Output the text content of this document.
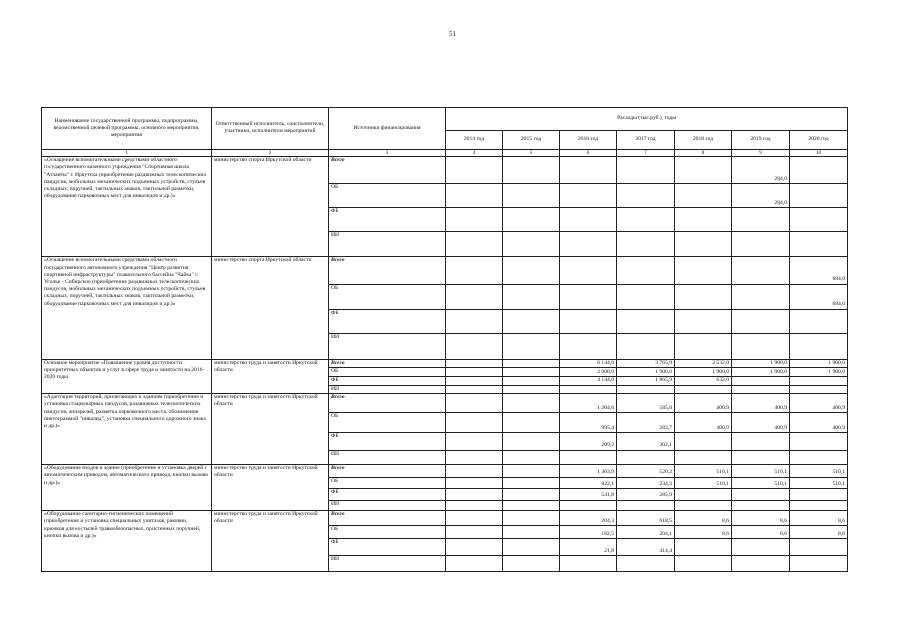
51
Наименование государственной программы, подпрограммы, ведомственной целевой программы, основного мероприятия, мероприятия	Ответственный исполнитель, соисполнители, участники, исполнители мероприятий	Источники финансирования	Расходы (тыс.руб.), годы						
			2014 год	2015 год	2016 год	2017 год	2018 год	2019 год	2020 год
1	2	3	4	5	6	7	8	9	10
«Оснащение вспомогательными средствами областного государственного казенного учреждения "Спортивная школа "Атланты" г. Иркутска (приобретение раздвижных телескопических пандусов, мобильных механических подъемных устройств, стульев складных, поручней, тактильных знаков, тактильной разметки, оборудование парковочных мест для инвалидов и др.)»	министерство спорта Иркутской области	Всего						284,0	
		ОБ						284,0	
		ФБ							
		ИИ							
«Оснащение вспомогательными средствами областного государственного автономного учреждения "Центр развития спортивной инфраструктуры" плавательного бассейна "Чайка" г. Усолье - Сибирское (приобретение раздвижных телескопических пандусов, мобильных механических подъемных устройств, стульев складных, поручней, тактильных знаков, тактильной разметки, оборудование парковочных мест для инвалидов и др.)»	министерство спорта Иркутской области	Всего							684,0
		ОБ							684,0
		ФБ							
		ИИ							
Основное мероприятие «Повышение уровня доступности приоритетных объектов и услуг в сфере труда и занятости на 2016-2020 годы	министерство труда и занятости Иркутской области	Всего			6 144,0	3 765,9	2 532,0	1 900,0	1 900,0
		ОБ			2 000,0	1 900,0	1 900,0	1 900,0	1 900,0
		ФБ			4 144,0	1 865,9	632,0		
		ИИ							
«Адаптация территорий, прилегающих к зданиям (приобретение и установка стационарных пандусов, раздвижных телескопических пандусов, аппарелей, разметка парковочного места, обозначение пиктограммой "инвалид", установка специального дорожного знака и др.)»	министерство труда и занятости Иркутской области	Всего			1 204,6	585,8	400,9	400,9	400,9
		ОБ			995,4	283,7	400,9	400,9	400,9
		ФБ			209,2	302,1			
		ИИ							
«Оборудование входов в здание (приобретение и установка дверей с автоматическим приводом, автоматического привода, кнопки вызова и др.)»	министерство труда и занятости Иркутской области	Всего			1 363,9	520,2	510,1	510,1	510,1
		ОБ			822,1	234,3	510,1	510,1	510,1
		ФБ			541,8	285,9			
		ИИ							
«Оборудование санитарно-гигиенических помещений (приобретение и установка специальных унитазов, раковин, крючков для костылей травмобезопасных, пристенных поручней, кнопки вызова и др.)»	министерство труда и занятости Иркутской области	Всего			204,3	618,5	8,6	8,6	8,6
		ОБ			182,5	204,1	8,6	8,6	8,6
		ФБ			21,8	414,4			
		ИИ							
